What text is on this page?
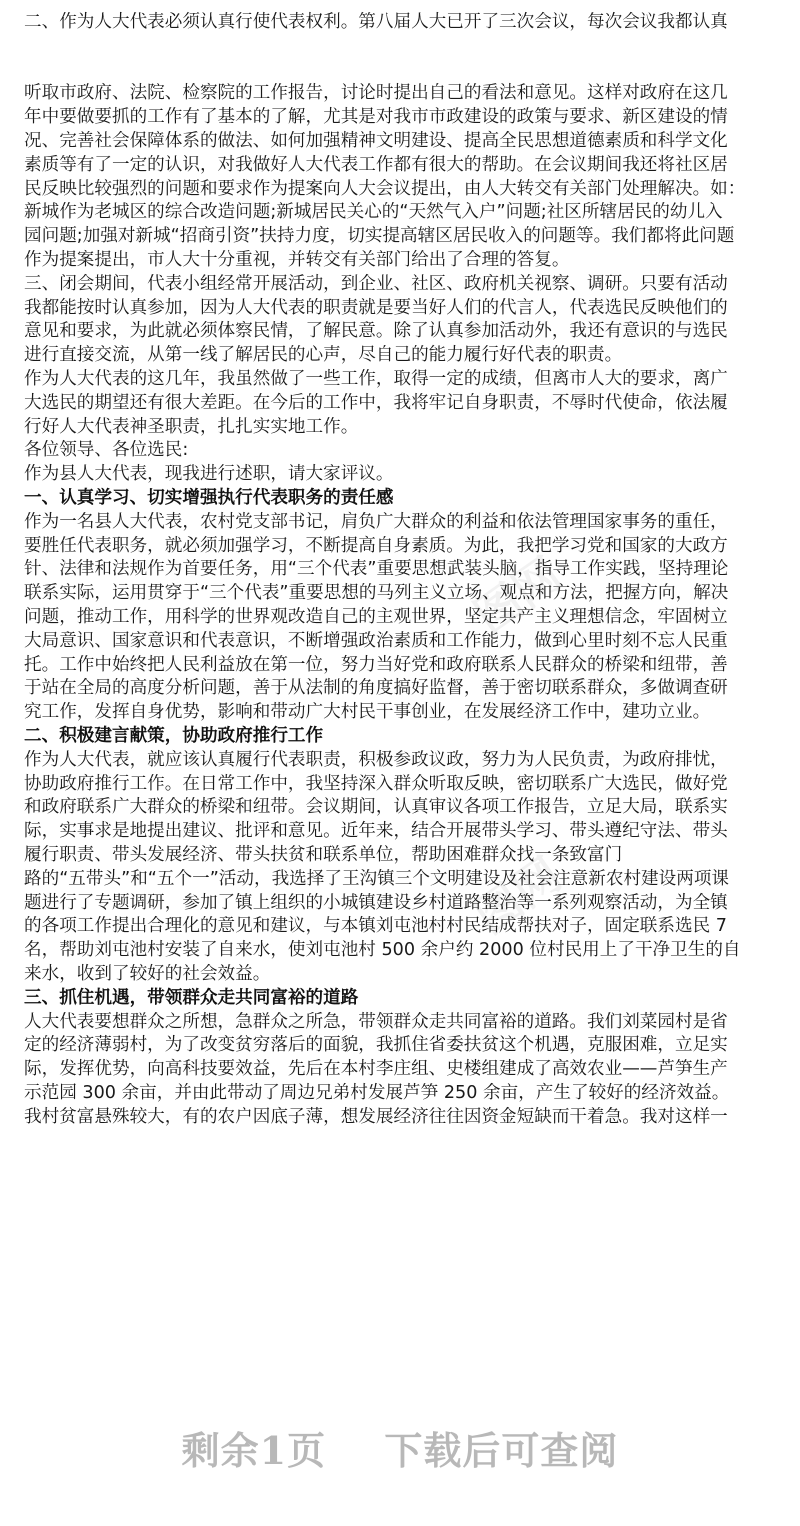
二、作为人大代表必须认真行使代表权利。第八届人大已开了三次会议，每次会议我都认真
听取市政府、法院、检察院的工作报告，讨论时提出自己的看法和意见。这样对政府在这几
年中要做要抓的工作有了基本的了解，尤其是对我市市政建设的政策与要求、新区建设的情
况、完善社会保障体系的做法、如何加强精神文明建设、提高全民思想道德素质和科学文化
素质等有了一定的认识，对我做好人大代表工作都有很大的帮助。在会议期间我还将社区居
民反映比较强烈的问题和要求作为提案向人大会议提出，由人大转交有关部门处理解决。如：
新城作为老城区的综合改造问题;新城居民关心的“天然气入户”问题;社区所辖居民的幼儿入
园问题;加强对新城“招商引资”扶持力度，切实提高辖区居民收入的问题等。我们都将此问题
作为提案提出，市人大十分重视，并转交有关部门给出了合理的答复。
三、闭会期间，代表小组经常开展活动，到企业、社区、政府机关视察、调研。只要有活动
我都能按时认真参加，因为人大代表的职责就是要当好人们的代言人，代表选民反映他们的
意见和要求，为此就必须体察民情，了解民意。除了认真参加活动外，我还有意识的与选民
进行直接交流，从第一线了解居民的心声，尽自己的能力履行好代表的职责。
作为人大代表的这几年，我虽然做了一些工作，取得一定的成绩，但离市人大的要求，离广
大选民的期望还有很大差距。在今后的工作中，我将牢记自身职责，不辱时代使命，依法履
行好人大代表神圣职责，扎扎实实地工作。
各位领导、各位选民:
作为县人大代表，现我进行述职，请大家评议。
一、认真学习、切实增强执行代表职务的责任感
作为一名县人大代表，农村党支部书记，肩负广大群众的利益和依法管理国家事务的重任，
要胜任代表职务，就必须加强学习，不断提高自身素质。为此，我把学习党和国家的大政方
针、法律和法规作为首要任务，用“三个代表”重要思想武装头脑，指导工作实践，坚持理论
联系实际，运用贯穿于“三个代表”重要思想的马列主义立场、观点和方法，把握方向，解决
问题，推动工作，用科学的世界观改造自己的主观世界，坚定共产主义理想信念，牢固树立
大局意识、国家意识和代表意识，不断增强政治素质和工作能力，做到心里时刻不忘人民重
托。工作中始终把人民利益放在第一位，努力当好党和政府联系人民群众的桥梁和纽带，善
于站在全局的高度分析问题，善于从法制的角度搞好监督，善于密切联系群众，多做调查研
究工作，发挥自身优势，影响和带动广大村民干事创业，在发展经济工作中，建功立业。
二、积极建言献策，协助政府推行工作
作为人大代表，就应该认真履行代表职责，积极参政议政，努力为人民负责，为政府排忧，
协助政府推行工作。在日常工作中，我坚持深入群众听取反映，密切联系广大选民，做好党
和政府联系广大群众的桥梁和纽带。会议期间，认真审议各项工作报告，立足大局，联系实
际，实事求是地提出建议、批评和意见。近年来，结合开展带头学习、带头遵纪守法、带头
履行职责、带头发展经济、带头扶贫和联系单位，帮助困难群众找一条致富门
路的“五带头”和“五个一”活动，我选择了王沟镇三个文明建设及社会注意新农村建设两项课
题进行了专题调研，参加了镇上组织的小城镇建设乡村道路整治等一系列观察活动，为全镇
的各项工作提出合理化的意见和建议，与本镇刘屯池村村民结成帮扶对子，固定联系选民 7
名，帮助刘屯池村安装了自来水，使刘屯池村 500 余户约 2000 位村民用上了干净卫生的自
来水，收到了较好的社会效益。
三、抓住机遇，带领群众走共同富裕的道路
人大代表要想群众之所想，急群众之所急，带领群众走共同富裕的道路。我们刘菜园村是省
定的经济薄弱村，为了改变贫穷落后的面貌，我抓住省委扶贫这个机遇，克服困难，立足实
际，发挥优势，向高科技要效益，先后在本村李庄组、史楼组建成了高效农业——芦笋生产
示范园 300 余亩，并由此带动了周边兄弟村发展芦笋 250 余亩，产生了较好的经济效益。
我村贫富悬殊较大，有的农户因底子薄，想发展经济往往因资金短缺而干着急。我对这样一
图网
图网
剩余1页 下载后可查阅
